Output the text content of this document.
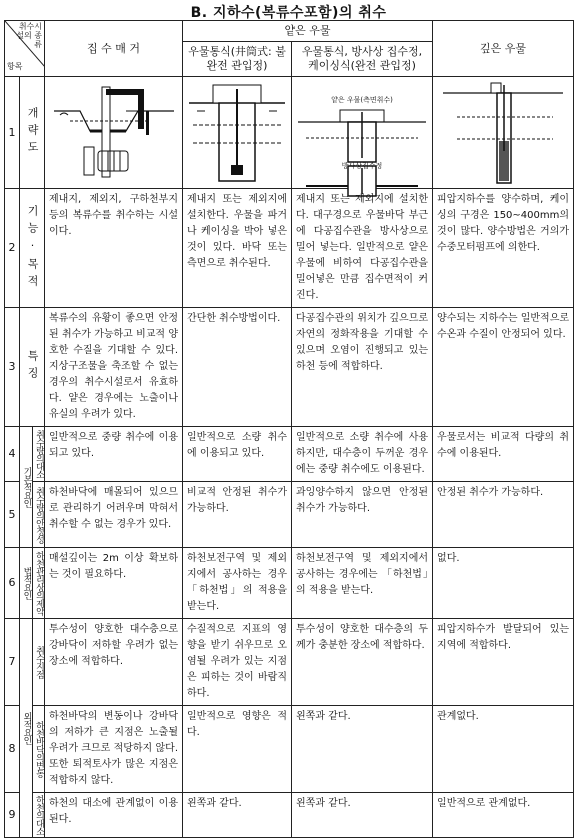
B. 지하수(복류수포함)의 취수
취수시설의 종류
항목			집 수 매 거	얕은 우물		깊은 우물
				우물통식(井筒式: 불완전 관입정)	우물통식, 방사상 집수정, 케이싱식(완전 관입정)	
1	개략도				얕은 우물(측면취수)
방사상집수정

2	기능·목적		제내지, 제외지, 구하천부지 등의 복류수를 취수하는 시설이다.	제내지 또는 제외지에 설치한다. 우물을 파거나 케이싱을 박아 넣은 것이 있다. 바닥 또는 측면으로 취수된다.	제내지 또는 제외지에 설치한다. 대구경으로 우물바닥 부근에 다공집수관을 방사상으로 밀어 넣는다. 일반적으로 얕은 우물에 비하여 다공집수관을 밀어넣은 만큼 집수면적이 커진다.	피압지하수를 양수하며, 케이싱의 구경은 150~400mm의 것이 많다. 양수방법은 거의가 수중모터펌프에 의한다.
3	특징		복류수의 유황이 좋으면 안정된 취수가 가능하고 비교적 양호한 수질을 기대할 수 있다. 지상구조물을 축조할 수 없는 경우의 취수시설로서 유효하다. 얕은 경우에는 노출이나 유실의 우려가 있다.	간단한 취수방법이다.	다공집수관의 위치가 깊으므로 자연의 정화작용을 기대할 수 있으며 오염이 진행되고 있는 하천 등에 적합하다.	양수되는 지하수는 일반적으로 수온과 수질이 안정되어 있다.
4	기본적요인	취수량의대소	일반적으로 중량 취수에 이용되고 있다.	일반적으로 소량 취수에 이용되고 있다.	일반적으로 소량 취수에 사용하지만, 대수층이 두꺼운 경우에는 중량 취수에도 이용된다.	우물로서는 비교적 다량의 취수에 이용된다.
5		취수량의안정성	하천바닥에 매몰되어 있으므로 관리하기 어려우며 막혀서 취수할 수 없는 경우가 있다.	비교적 안정된 취수가 가능하다.	과잉양수하지 않으면 안정된 취수가 가능하다.	안정된 취수가 가능하다.
6	법적요인	하천관리상의제약	매설깊이는 2m 이상 확보하는 것이 필요하다.	하천보전구역 및 제외지에서 공사하는 경우 「하천법」의 적용을 받는다.	하천보전구역 및 제외지에서 공사하는 경우에는 「하천법」의 적용을 받는다.	없다.
7	외적요인	취수지점	투수성이 양호한 대수층으로 강바닥이 저하할 우려가 없는 장소에 적합하다.	수질적으로 지표의 영향을 받기 쉬우므로 오염될 우려가 있는 지점은 피하는 것이 바람직하다.	투수성이 양호한 대수층의 두께가 충분한 장소에 적합하다.	피압지하수가 발달되어 있는 지역에 적합하다.
8		하천바닥의변동	하천바닥의 변동이나 강바닥의 저하가 큰 지점은 노출될 우려가 크므로 적당하지 않다. 또한 퇴적토사가 많은 지점은 적합하지 않다.	일반적으로 영향은 적다.	왼쪽과 같다.	관계없다.
9		하천의대소	하천의 대소에 관계없이 이용된다.	왼쪽과 같다.	왼쪽과 같다.	일반적으로 관계없다.
